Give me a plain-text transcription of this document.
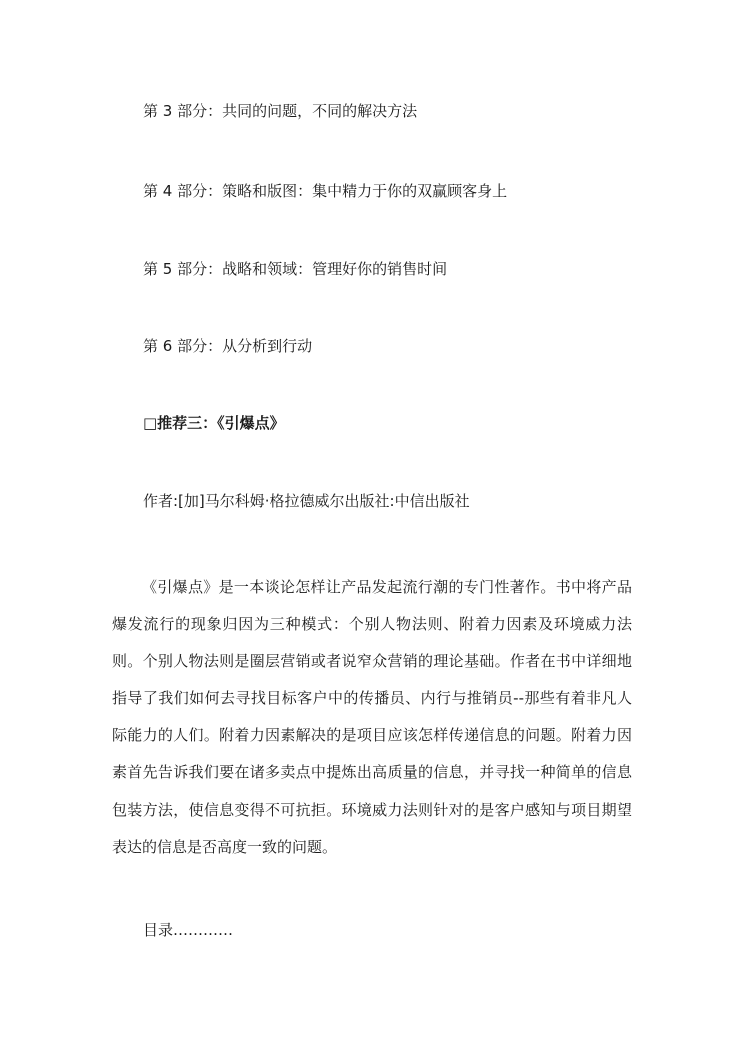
第 3 部分：共同的问题，不同的解决方法

第 4 部分：策略和版图：集中精力于你的双赢顾客身上

第 5 部分：战略和领域：管理好你的销售时间

第 6 部分：从分析到行动

□推荐三：《引爆点》

作者:[加]马尔科姆·格拉德威尔出版社:中信出版社

《引爆点》是一本谈论怎样让产品发起流行潮的专门性著作。书中将产品爆发流行的现象归因为三种模式：个别人物法则、附着力因素及环境威力法则。个别人物法则是圈层营销或者说窄众营销的理论基础。作者在书中详细地指导了我们如何去寻找目标客户中的传播员、内行与推销员--那些有着非凡人际能力的人们。附着力因素解决的是项目应该怎样传递信息的问题。附着力因素首先告诉我们要在诸多卖点中提炼出高质量的信息，并寻找一种简单的信息包装方法，使信息变得不可抗拒。环境威力法则针对的是客户感知与项目期望表达的信息是否高度一致的问题。

目录…………
